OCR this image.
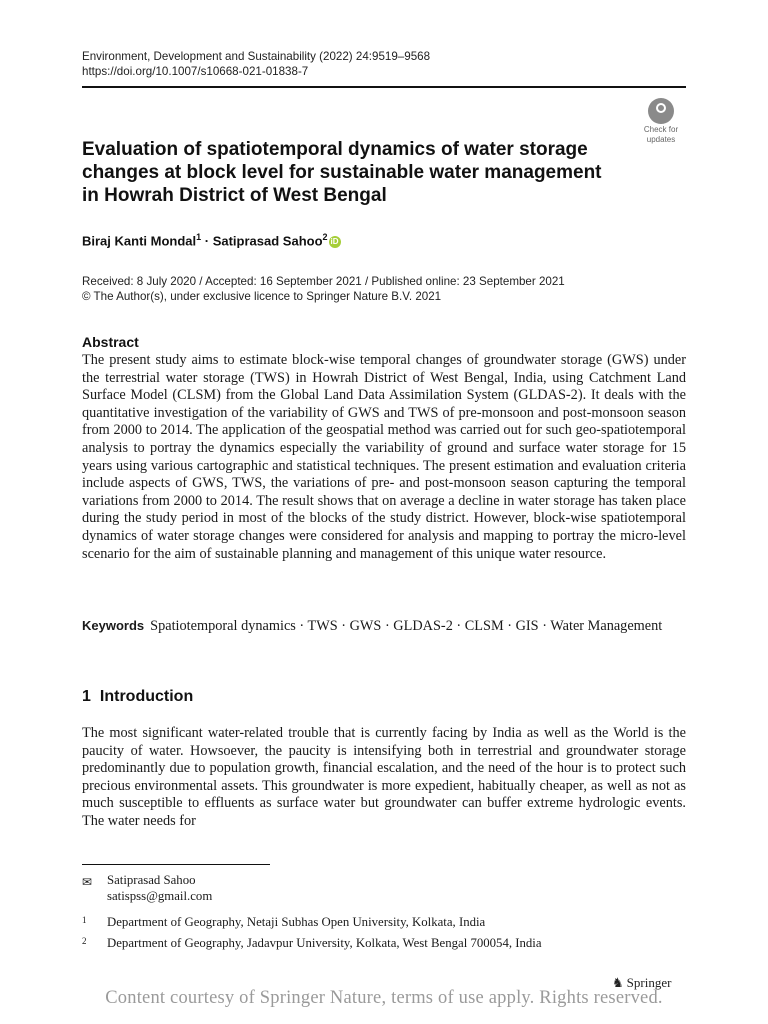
Environment, Development and Sustainability (2022) 24:9519–9568
https://doi.org/10.1007/s10668-021-01838-7
Check for
updates
Evaluation of spatiotemporal dynamics of water storage changes at block level for sustainable water management in Howrah District of West Bengal
Biraj Kanti Mondal$^1$ · Satiprasad Sahoo$^2$ iD
Received: 8 July 2020 / Accepted: 16 September 2021 / Published online: 23 September 2021
© The Author(s), under exclusive licence to Springer Nature B.V. 2021
Abstract

The present study aims to estimate block-wise temporal changes of groundwater storage (GWS) under the terrestrial water storage (TWS) in Howrah District of West Bengal, India, using Catchment Land Surface Model (CLSM) from the Global Land Data Assimilation System (GLDAS-2). It deals with the quantitative investigation of the variability of GWS and TWS of pre-monsoon and post-monsoon season from 2000 to 2014. The application of the geospatial method was carried out for such geo-spatiotemporal analysis to portray the dynamics especially the variability of ground and surface water storage for 15 years using various cartographic and statistical techniques. The present estimation and evaluation criteria include aspects of GWS, TWS, the variations of pre- and post-monsoon season capturing the temporal variations from 2000 to 2014. The result shows that on average a decline in water storage has taken place during the study period in most of the blocks of the study district. However, block-wise spatiotemporal dynamics of water storage changes were considered for analysis and mapping to portray the micro-level scenario for the aim of sustainable planning and management of this unique water resource.

Keywords Spatiotemporal dynamics · TWS · GWS · GLDAS-2 · CLSM · GIS · Water Management

1 Introduction

The most significant water-related trouble that is currently facing by India as well as the World is the paucity of water. Howsoever, the paucity is intensifying both in terrestrial and groundwater storage predominantly due to population growth, financial escalation, and the need of the hour is to protect such precious environmental assets. This groundwater is more expedient, habitually cheaper, as well as not as much susceptible to effluents as surface water but groundwater can buffer extreme hydrologic events. The water needs for

✉ Satiprasad Sahoo
satispss@gmail.com
1 Department of Geography, Netaji Subhas Open University, Kolkata, India
2 Department of Geography, Jadavpur University, Kolkata, West Bengal 700054, India
♞ Springer
Content courtesy of Springer Nature, terms of use apply. Rights reserved.
